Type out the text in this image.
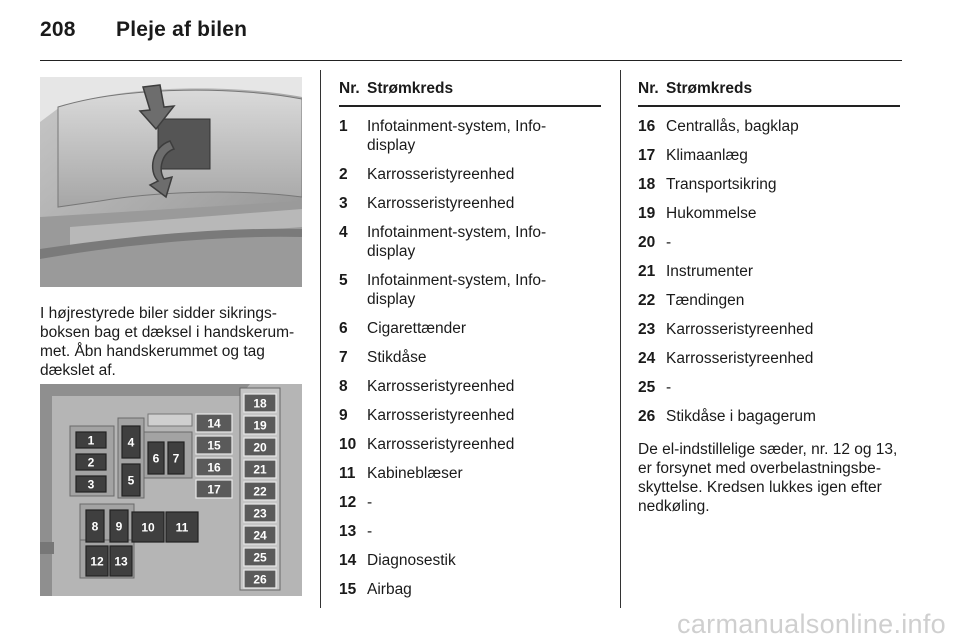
208 Pleje af bilen
I højrestyrede biler sidder sikringsboksen bag et dæksel i handskerummet. Åbn handskerummet og tag dækslet af.
1
2
3
4
5
6 7
8 9 10 11
12 13
14
15
16
17
18
19
20
21
22
23
24
25
26
Nr. Strømkreds
1	Infotainment-system, Info-
display
2	Karrosseristyreenhed
3	Karrosseristyreenhed
4	Infotainment-system, Info-
display
5	Infotainment-system, Info-
display
6	Cigarettænder
7	Stikdåse
8	Karrosseristyreenhed
9	Karrosseristyreenhed
10 Karrosseristyreenhed
11 Kabineblæser
12 -
13 -
14 Diagnosestik
15 Airbag
Nr. Strømkreds
16 Centrallås, bagklap
17 Klimaanlæg
18 Transportsikring
19 Hukommelse
20 -
21 Instrumenter
22 Tændingen
23 Karrosseristyreenhed
24 Karrosseristyreenhed
25 -
26 Stikdåse i bagagerum
De el-indstillelige sæder, nr. 12 og 13, er forsynet med overbelastningsbeskyttelse. Kredsen lukkes igen efter nedkøling.
carmanualsonline.info
